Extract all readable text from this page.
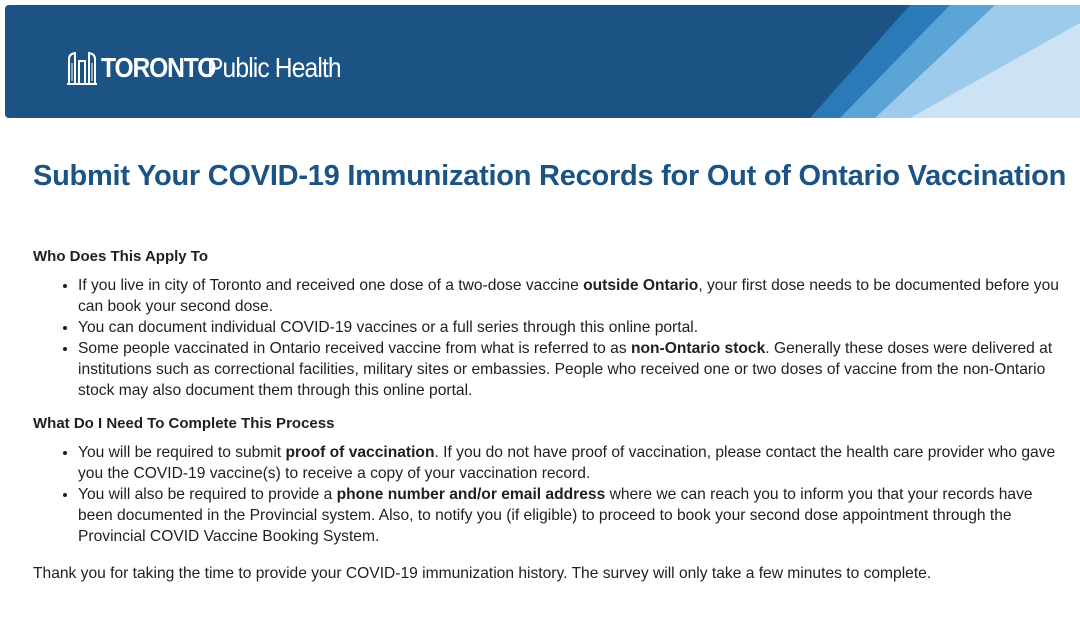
TORONTO
Public Health
Submit Your COVID-19 Immunization Records for Out of Ontario Vaccination
Who Does This Apply To
• If you live in city of Toronto and received one dose of a two-dose vaccine outside Ontario, your first dose needs to be documented before you can book your second dose.
• You can document individual COVID-19 vaccines or a full series through this online portal.
• Some people vaccinated in Ontario received vaccine from what is referred to as non-Ontario stock. Generally these doses were delivered at institutions such as correctional facilities, military sites or embassies. People who received one or two doses of vaccine from the non-Ontario stock may also document them through this online portal.
What Do I Need To Complete This Process
• You will be required to submit proof of vaccination. If you do not have proof of vaccination, please contact the health care provider who gave you the COVID-19 vaccine(s) to receive a copy of your vaccination record.
• You will also be required to provide a phone number and/or email address where we can reach you to inform you that your records have been documented in the Provincial system. Also, to notify you (if eligible) to proceed to book your second dose appointment through the Provincial COVID Vaccine Booking System.

Thank you for taking the time to provide your COVID-19 immunization history. The survey will only take a few minutes to complete.
